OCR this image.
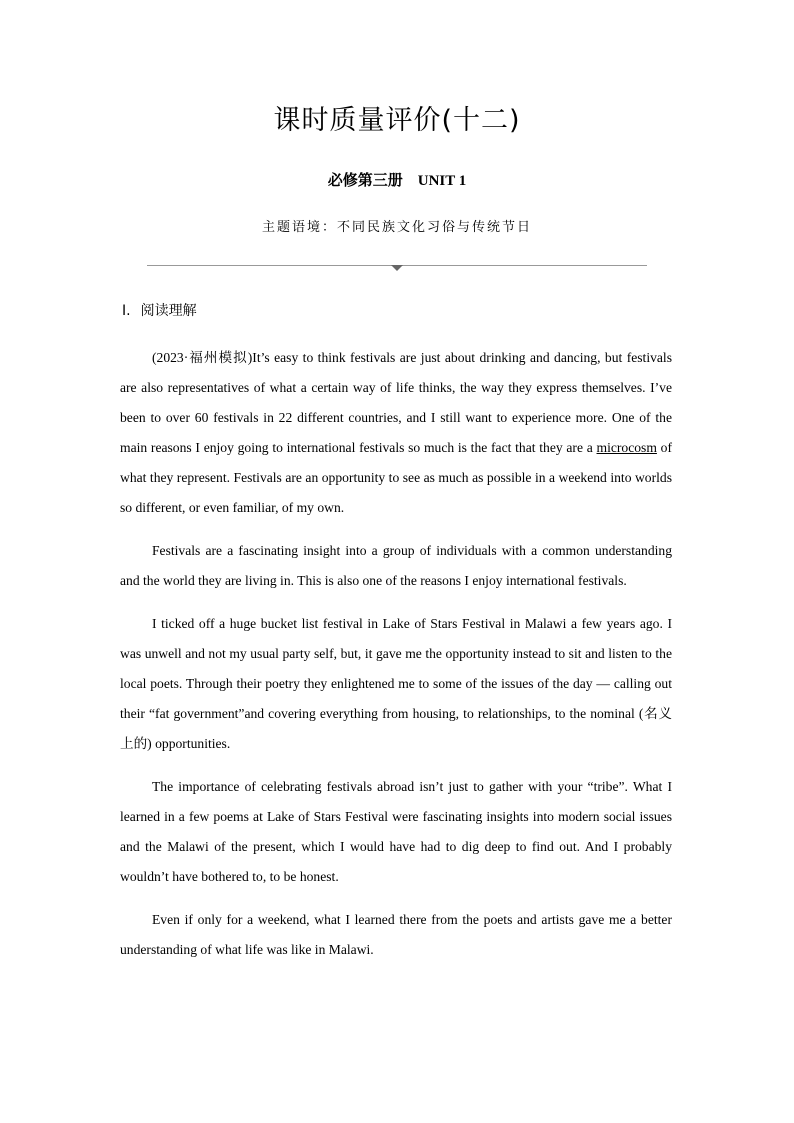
课时质量评价(十二)
必修第三册　UNIT 1
主题语境：不同民族文化习俗与传统节日
Ⅰ. 阅读理解

(2023·福州模拟)It’s easy to think festivals are just about drinking and dancing, but festivals are also representatives of what a certain way of life thinks, the way they express themselves. I’ve been to over 60 festivals in 22 different countries, and I still want to experience more. One of the main reasons I enjoy going to international festivals so much is the fact that they are a microcosm of what they represent. Festivals are an opportunity to see as much as possible in a weekend into worlds so different, or even familiar, of my own.

Festivals are a fascinating insight into a group of individuals with a common understanding and the world they are living in. This is also one of the reasons I enjoy international festivals.

I ticked off a huge bucket list festival in Lake of Stars Festival in Malawi a few years ago. I was unwell and not my usual party self, but, it gave me the opportunity instead to sit and listen to the local poets. Through their poetry they enlightened me to some of the issues of the day — calling out their “fat government”and covering everything from housing, to relationships, to the nominal (名义上的) opportunities.

The importance of celebrating festivals abroad isn’t just to gather with your “tribe”. What I learned in a few poems at Lake of Stars Festival were fascinating insights into modern social issues and the Malawi of the present, which I would have had to dig deep to find out. And I probably wouldn’t have bothered to, to be honest.

Even if only for a weekend, what I learned there from the poets and artists gave me a better understanding of what life was like in Malawi.
